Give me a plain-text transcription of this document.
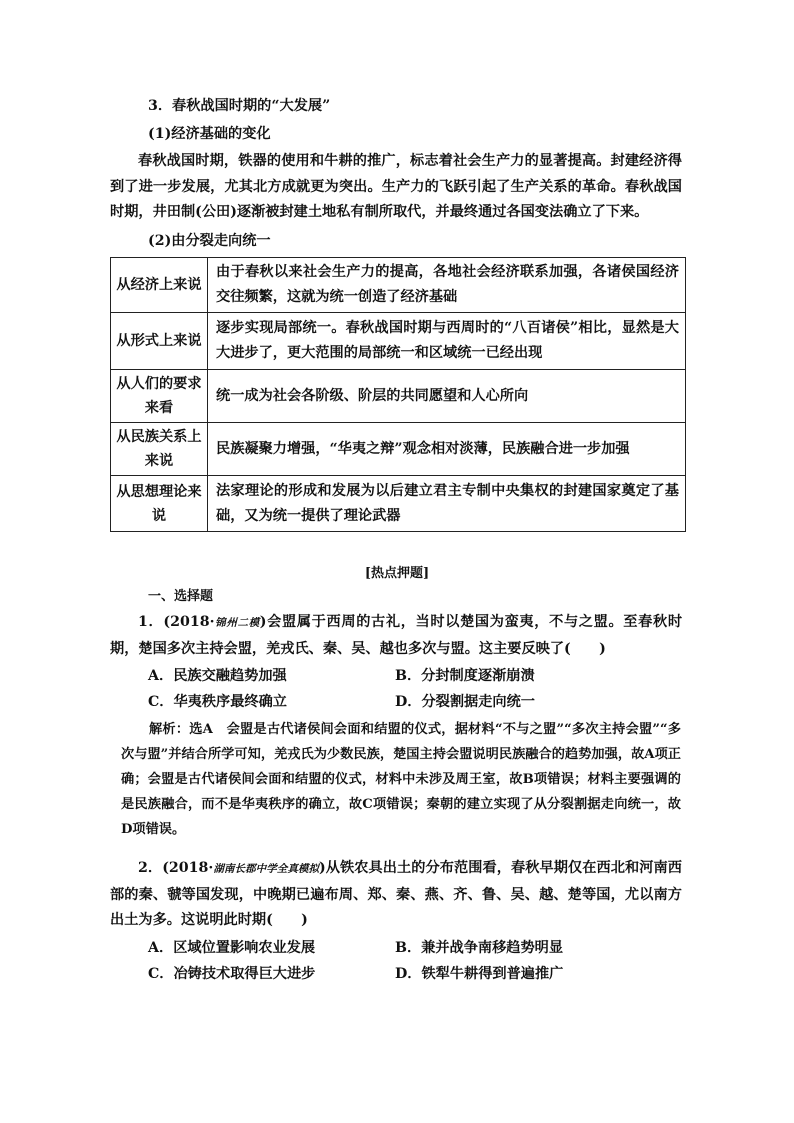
3．春秋战国时期的“大发展”
(1)经济基础的变化
春秋战国时期，铁器的使用和牛耕的推广，标志着社会生产力的显著提高。封建经济得到了进一步发展，尤其北方成就更为突出。生产力的飞跃引起了生产关系的革命。春秋战国时期，井田制(公田)逐渐被封建土地私有制所取代，并最终通过各国变法确立了下来。
(2)由分裂走向统一
从经济上来说	由于春秋以来社会生产力的提高，各地社会经济联系加强，各诸侯国经济交往频繁，这就为统一创造了经济基础
从形式上来说	逐步实现局部统一。春秋战国时期与西周时的“八百诸侯”相比，显然是大大进步了，更大范围的局部统一和区域统一已经出现
从人们的要求来看	统一成为社会各阶级、阶层的共同愿望和人心所向
从民族关系上来说	民族凝聚力增强，“华夷之辩”观念相对淡薄，民族融合进一步加强
从思想理论来说	法家理论的形成和发展为以后建立君主专制中央集权的封建国家奠定了基础，又为统一提供了理论武器
[热点押题]
一、选择题
1．(2018·锦州二模)会盟属于西周的古礼，当时以楚国为蛮夷，不与之盟。至春秋时期，楚国多次主持会盟，羌戎氏、秦、吴、越也多次与盟。这主要反映了(　　)
A．民族交融趋势加强	B．分封制度逐渐崩溃
C．华夷秩序最终确立	D．分裂割据走向统一
解析：选A　会盟是古代诸侯间会面和结盟的仪式，据材料“不与之盟”“多次主持会盟”“多次与盟”并结合所学可知，羌戎氏为少数民族，楚国主持会盟说明民族融合的趋势加强，故A项正确；会盟是古代诸侯间会面和结盟的仪式，材料中未涉及周王室，故B项错误；材料主要强调的是民族融合，而不是华夷秩序的确立，故C项错误；秦朝的建立实现了从分裂割据走向统一，故D项错误。
2．(2018·湖南长郡中学全真模拟)从铁农具出土的分布范围看，春秋早期仅在西北和河南西部的秦、虢等国发现，中晚期已遍布周、郑、秦、燕、齐、鲁、吴、越、楚等国，尤以南方出土为多。这说明此时期(　　)
A．区域位置影响农业发展	B．兼并战争南移趋势明显
C．冶铸技术取得巨大进步	D．铁犁牛耕得到普遍推广
